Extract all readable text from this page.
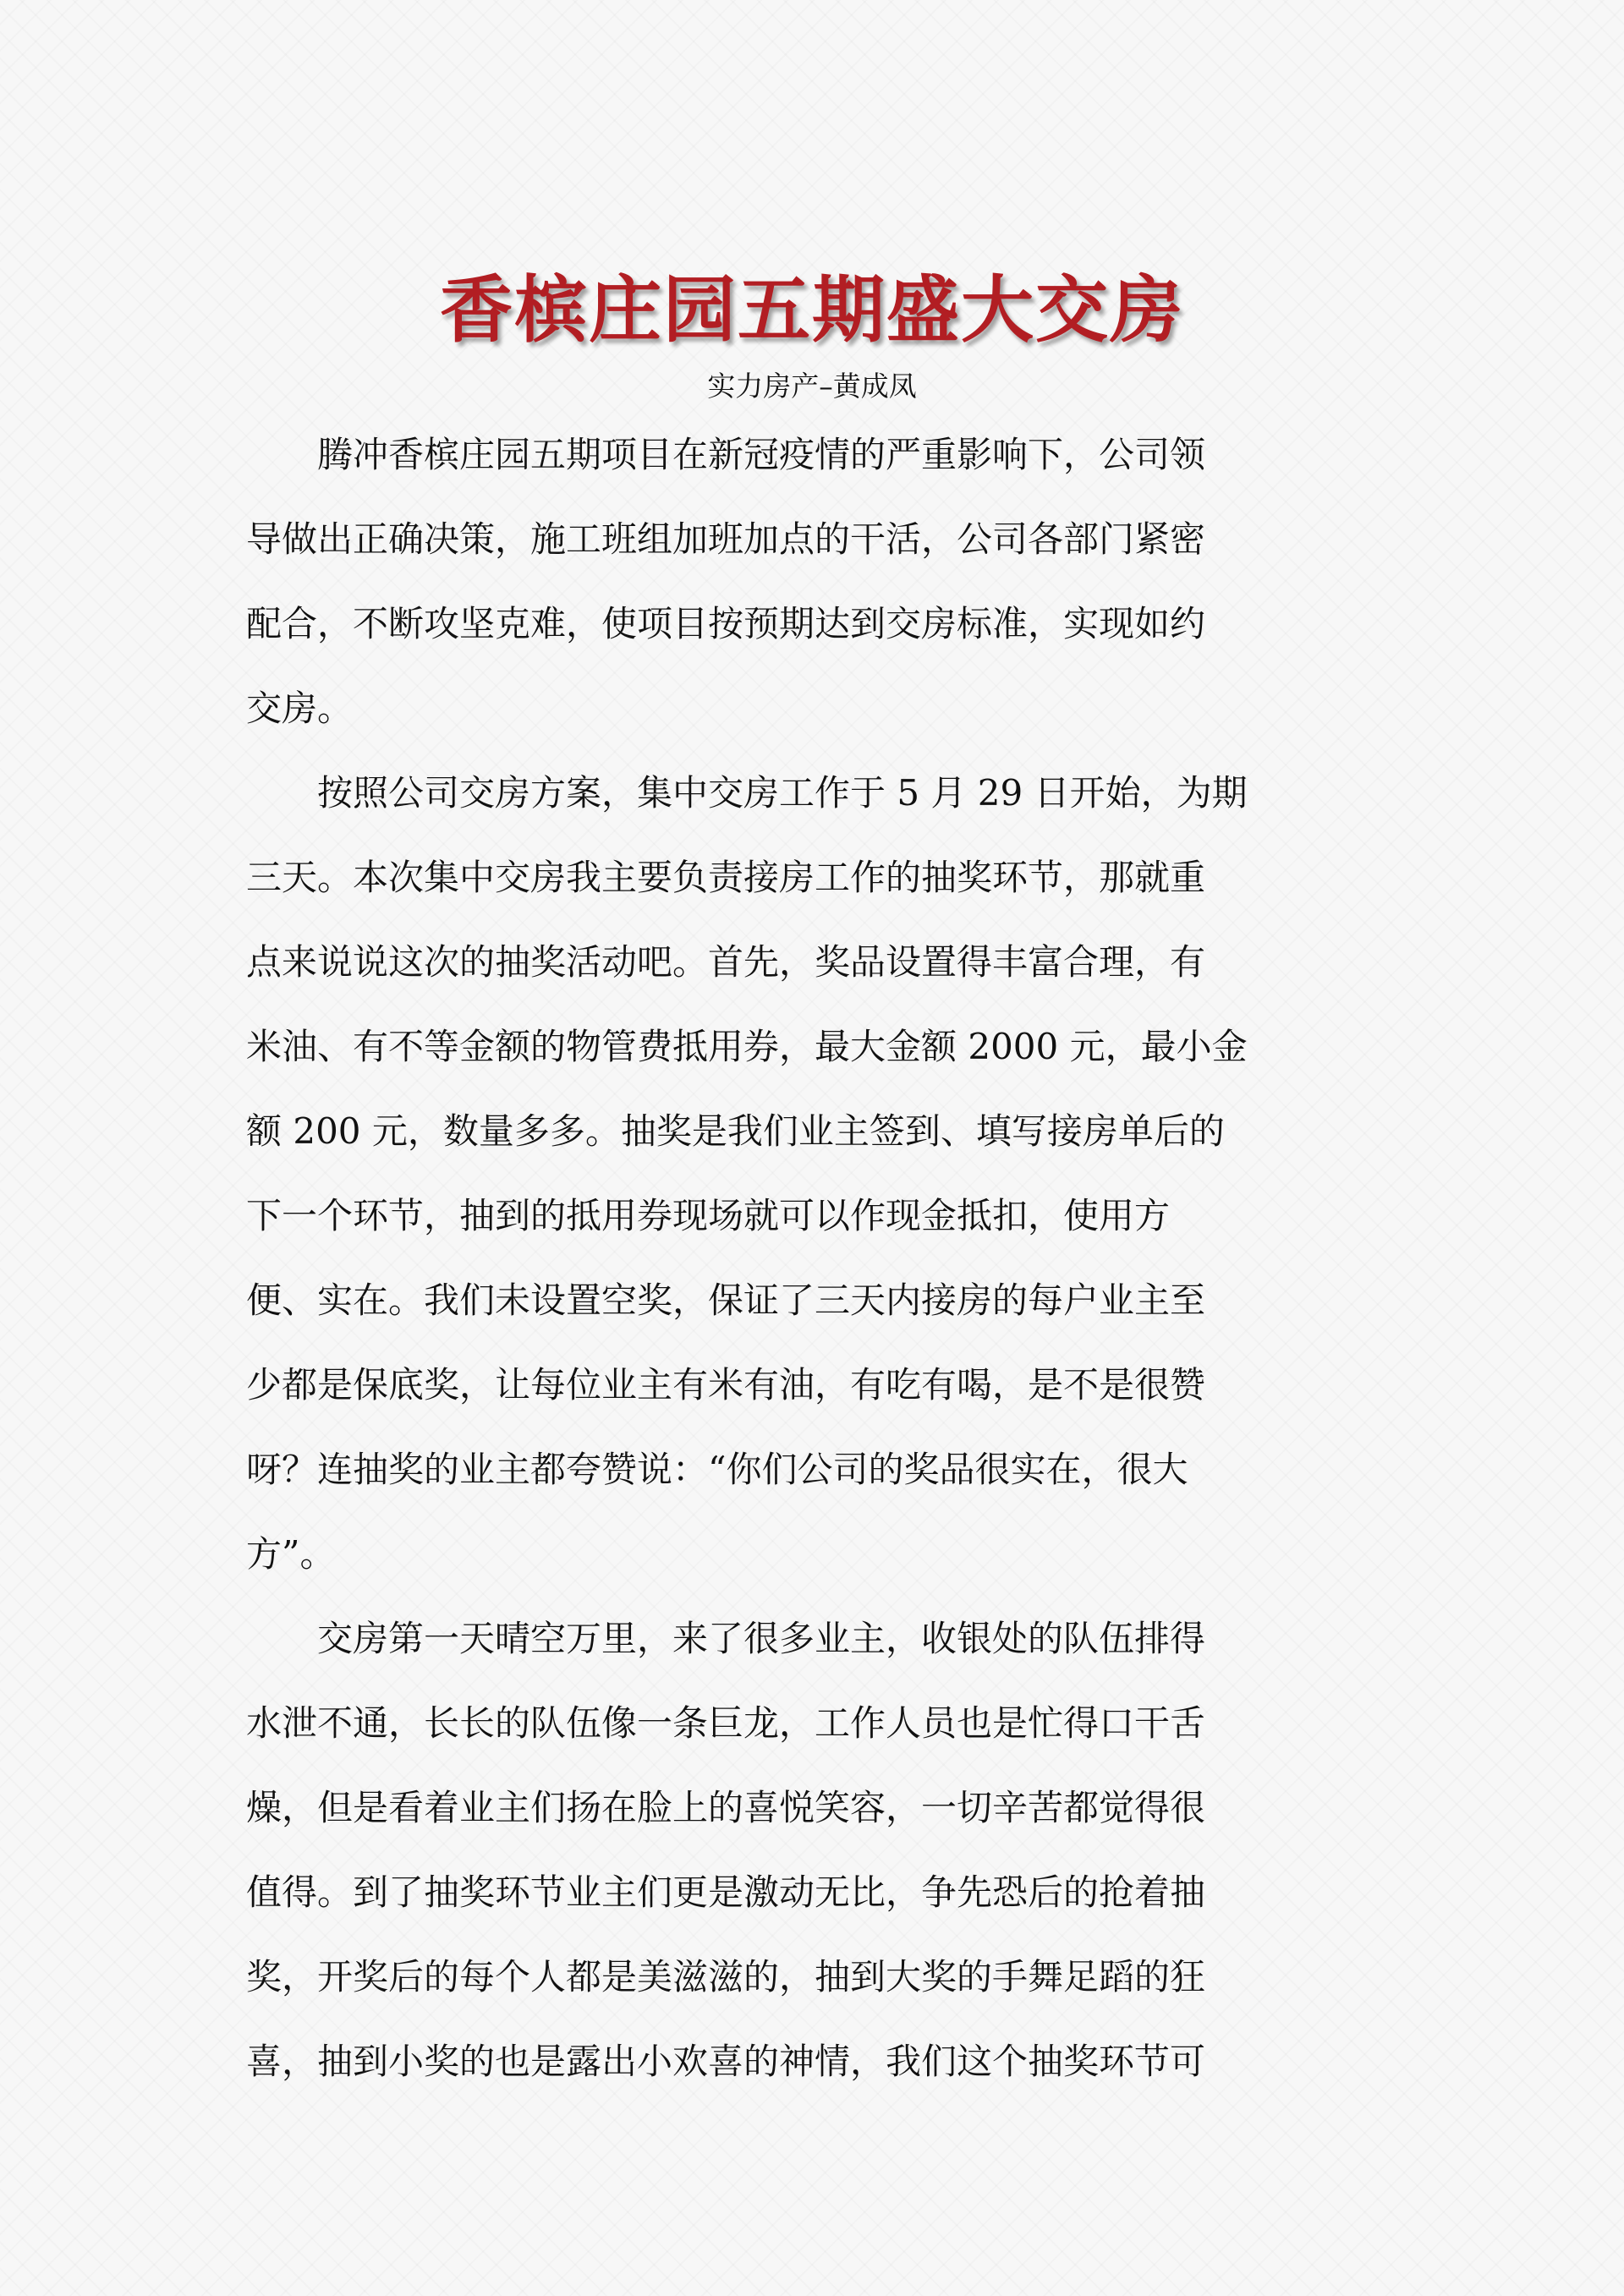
香槟庄园五期盛大交房
实力房产–黄成凤

腾冲香槟庄园五期项目在新冠疫情的严重影响下，公司领
导做出正确决策，施工班组加班加点的干活，公司各部门紧密
配合，不断攻坚克难，使项目按预期达到交房标准，实现如约
交房。

按照公司交房方案，集中交房工作于 5 月 29 日开始，为期
三天。本次集中交房我主要负责接房工作的抽奖环节，那就重
点来说说这次的抽奖活动吧。首先，奖品设置得丰富合理，有
米油、有不等金额的物管费抵用券，最大金额 2000 元，最小金
额 200 元，数量多多。抽奖是我们业主签到、填写接房单后的
下一个环节，抽到的抵用券现场就可以作现金抵扣，使用方
便、实在。我们未设置空奖，保证了三天内接房的每户业主至
少都是保底奖，让每位业主有米有油，有吃有喝，是不是很赞
呀？连抽奖的业主都夸赞说：“你们公司的奖品很实在，很大
方”。

交房第一天晴空万里，来了很多业主，收银处的队伍排得
水泄不通，长长的队伍像一条巨龙，工作人员也是忙得口干舌
燥，但是看着业主们扬在脸上的喜悦笑容，一切辛苦都觉得很
值得。到了抽奖环节业主们更是激动无比，争先恐后的抢着抽
奖，开奖后的每个人都是美滋滋的，抽到大奖的手舞足蹈的狂
喜，抽到小奖的也是露出小欢喜的神情，我们这个抽奖环节可
